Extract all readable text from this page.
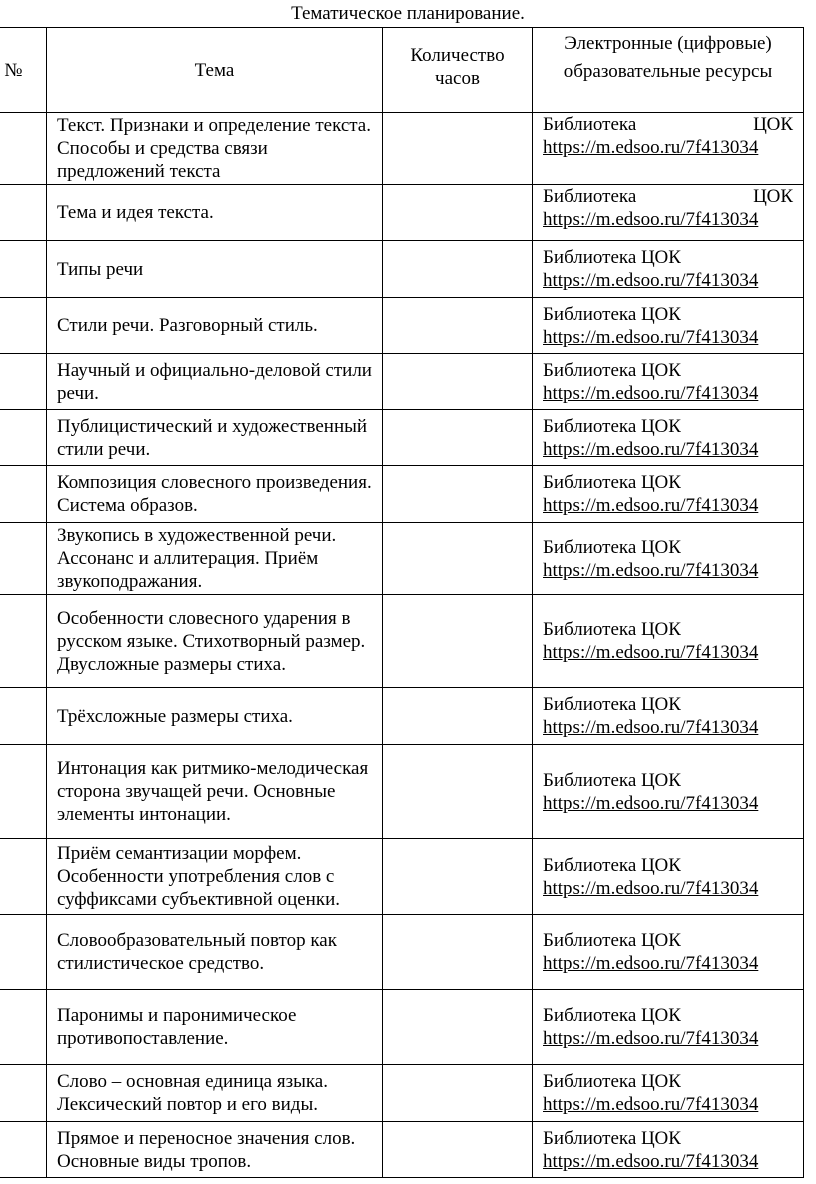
Тематическое планирование.
№	Тема	Количество часов	Электронные (цифровые) образовательные ресурсы
	Текст. Признаки и определение текста. Способы и средства связи предложений текста		Библиотека ЦОК
https://m.edsoo.ru/7f413034
	Тема и идея текста.		Библиотека ЦОК
https://m.edsoo.ru/7f413034
	Типы речи		Библиотека ЦОК
https://m.edsoo.ru/7f413034
	Стили речи. Разговорный стиль.		Библиотека ЦОК
https://m.edsoo.ru/7f413034
	Научный и официально-деловой стили речи.		Библиотека ЦОК
https://m.edsoo.ru/7f413034
	Публицистический и художественный стили речи.		Библиотека ЦОК
https://m.edsoo.ru/7f413034
	Композиция словесного произведения. Система образов.		Библиотека ЦОК
https://m.edsoo.ru/7f413034
	Звукопись в художественной речи. Ассонанс и аллитерация. Приём звукоподражания.		Библиотека ЦОК
https://m.edsoo.ru/7f413034
	Особенности словесного ударения в русском языке. Стихотворный размер. Двусложные размеры стиха.		Библиотека ЦОК
https://m.edsoo.ru/7f413034
	Трёхсложные размеры стиха.		Библиотека ЦОК
https://m.edsoo.ru/7f413034
	Интонация как ритмико-мелодическая сторона звучащей речи. Основные элементы интонации.		Библиотека ЦОК
https://m.edsoo.ru/7f413034
	Приём семантизации морфем. Особенности употребления слов с суффиксами субъективной оценки.		Библиотека ЦОК
https://m.edsoo.ru/7f413034
	Словообразовательный повтор как стилистическое средство.		Библиотека ЦОК
https://m.edsoo.ru/7f413034
	Паронимы и паронимическое противопоставление.		Библиотека ЦОК
https://m.edsoo.ru/7f413034
	Слово – основная единица языка. Лексический повтор и его виды.		Библиотека ЦОК
https://m.edsoo.ru/7f413034
	Прямое и переносное значения слов. Основные виды тропов.		Библиотека ЦОК
https://m.edsoo.ru/7f413034
